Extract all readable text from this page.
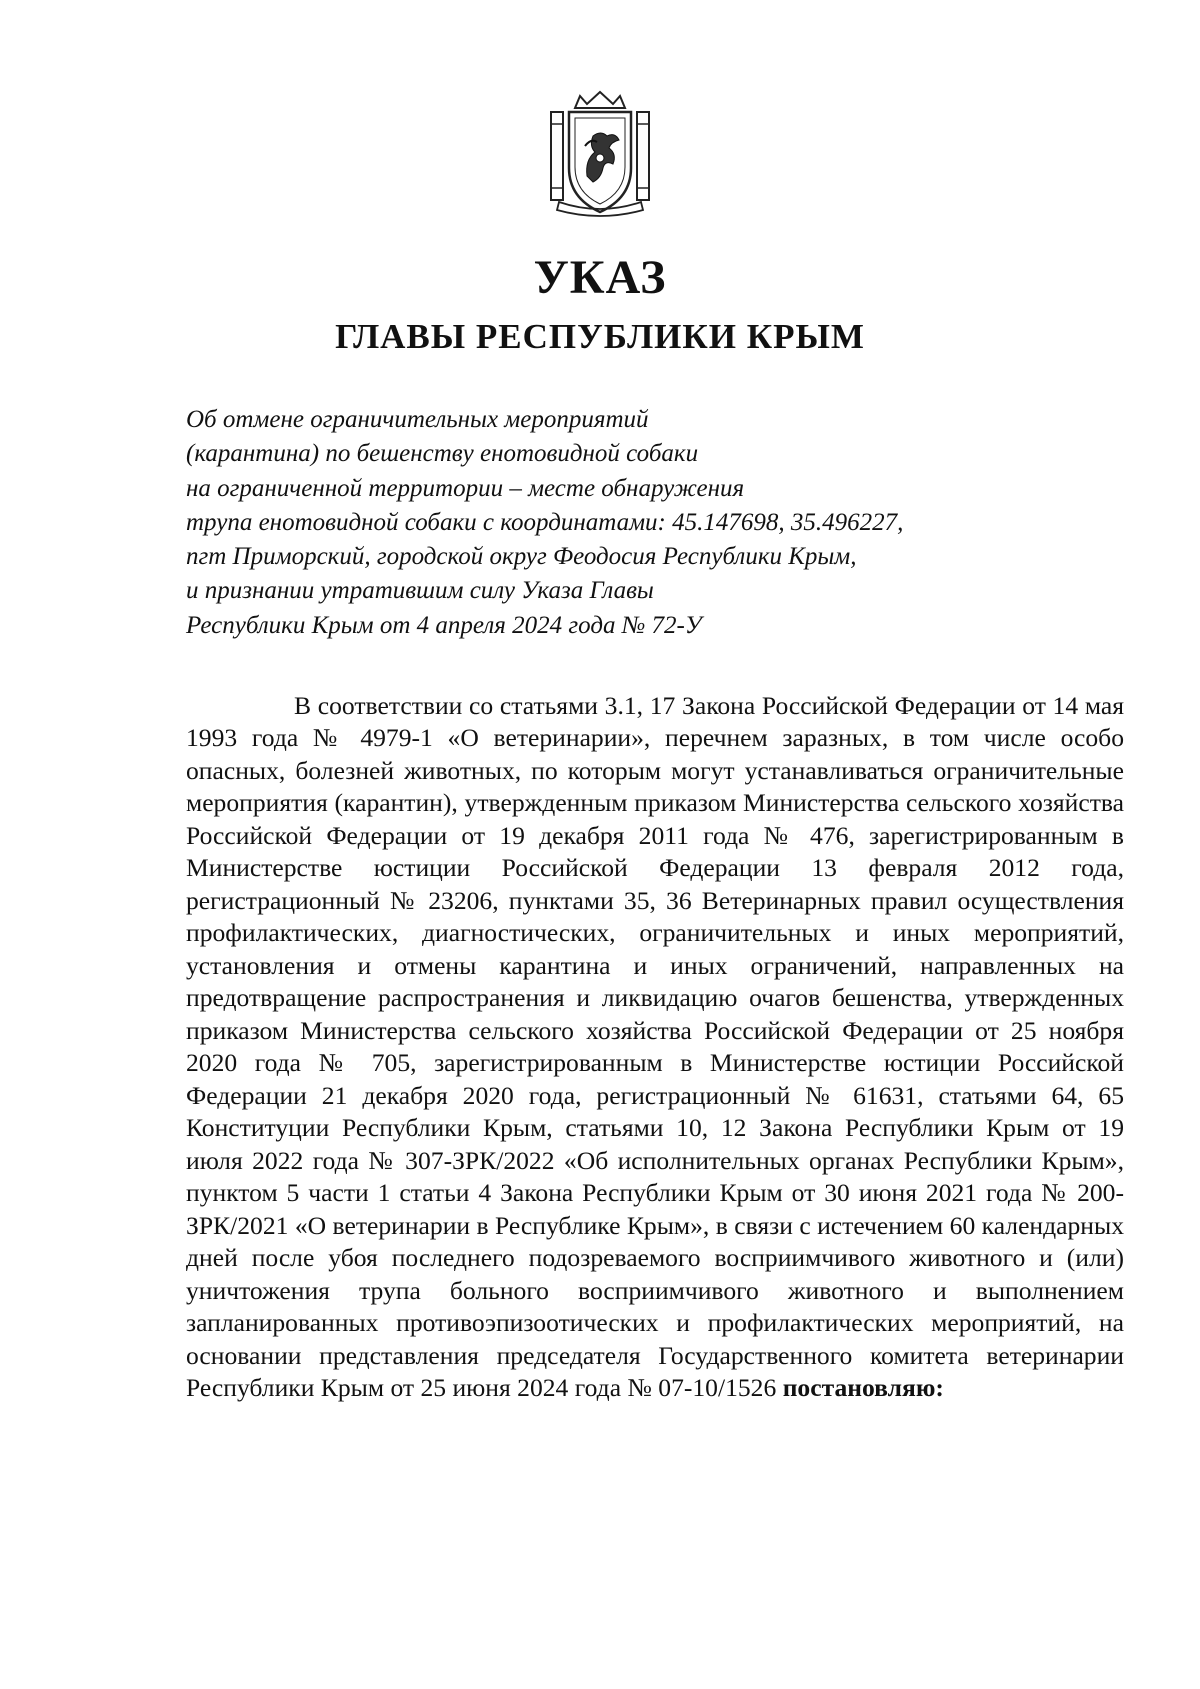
УКАЗ
ГЛАВЫ РЕСПУБЛИКИ КРЫМ
Об отмене ограничительных мероприятий
(карантина) по бешенству енотовидной собаки
на ограниченной территории – месте обнаружения
трупа енотовидной собаки с координатами: 45.147698, 35.496227,
пгт Приморский, городской округ Феодосия Республики Крым,
и признании утратившим силу Указа Главы
Республики Крым от 4 апреля 2024 года № 72-У

В соответствии со статьями 3.1, 17 Закона Российской Федерации от 14 мая 1993 года № 4979-1 «О ветеринарии», перечнем заразных, в том числе особо опасных, болезней животных, по которым могут устанавливаться ограничительные мероприятия (карантин), утвержденным приказом Министерства сельского хозяйства Российской Федерации от 19 декабря 2011 года № 476, зарегистрированным в Министерстве юстиции Российской Федерации 13 февраля 2012 года, регистрационный № 23206, пунктами 35, 36 Ветеринарных правил осуществления профилактических, диагностических, ограничительных и иных мероприятий, установления и отмены карантина и иных ограничений, направленных на предотвращение распространения и ликвидацию очагов бешенства, утвержденных приказом Министерства сельского хозяйства Российской Федерации от 25 ноября 2020 года № 705, зарегистрированным в Министерстве юстиции Российской Федерации 21 декабря 2020 года, регистрационный № 61631, статьями 64, 65 Конституции Республики Крым, статьями 10, 12 Закона Республики Крым от 19 июля 2022 года № 307-ЗРК/2022 «Об исполнительных органах Республики Крым», пунктом 5 части 1 статьи 4 Закона Республики Крым от 30 июня 2021 года № 200-ЗРК/2021 «О ветеринарии в Республике Крым», в связи с истечением 60 календарных дней после убоя последнего подозреваемого восприимчивого животного и (или) уничтожения трупа больного восприимчивого животного и выполнением запланированных противоэпизоотических и профилактических мероприятий, на основании представления председателя Государственного комитета ветеринарии Республики Крым от 25 июня 2024 года № 07-10/1526 постановляю:
